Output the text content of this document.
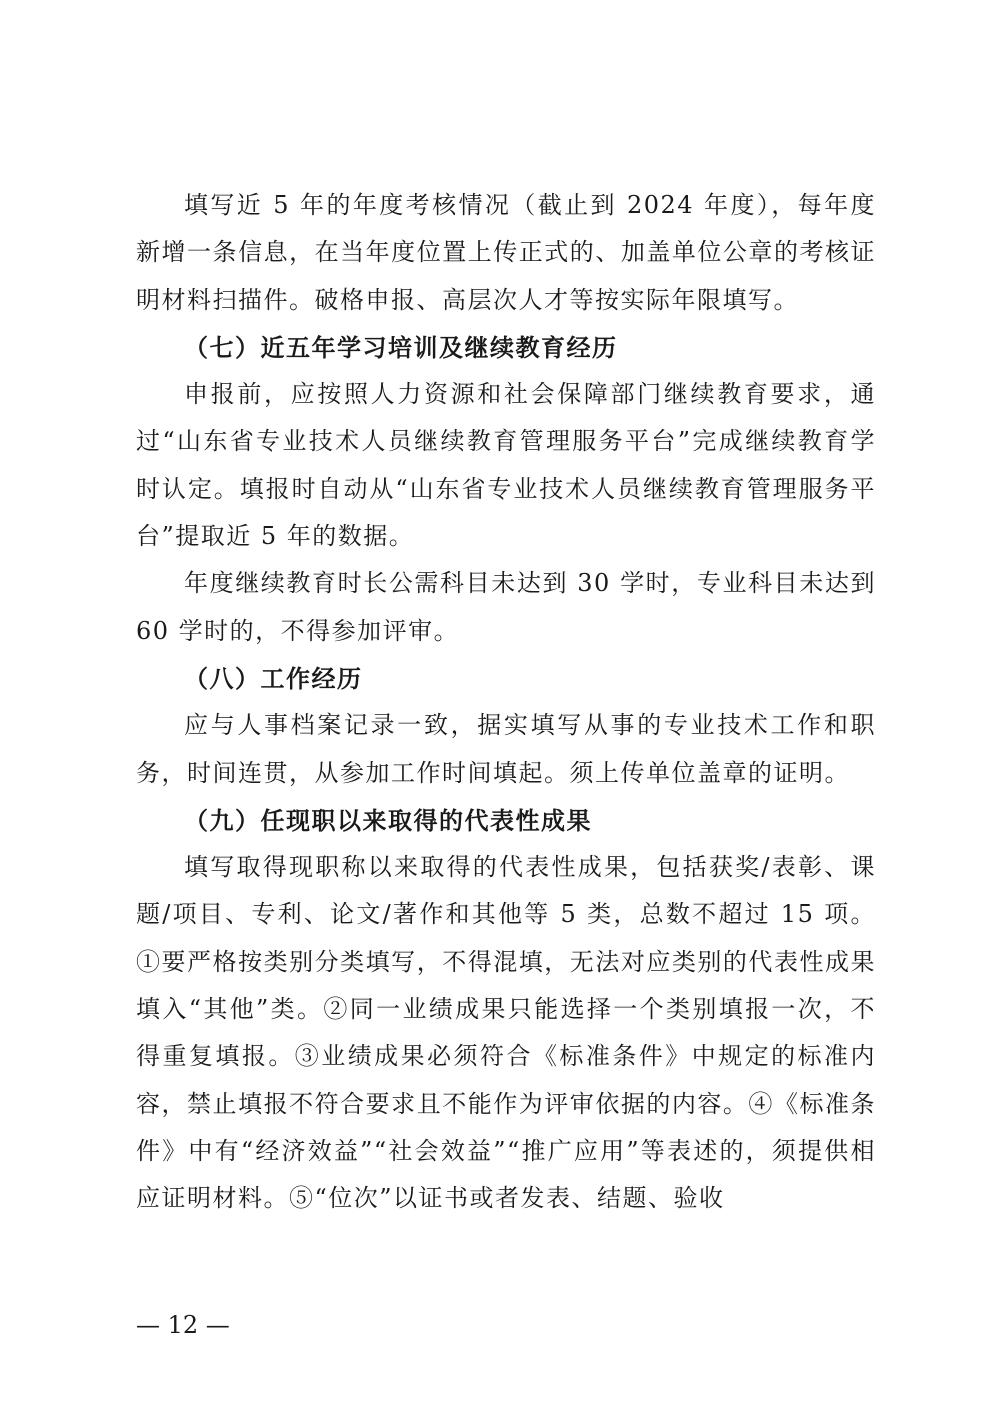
填写近 5 年的年度考核情况（截止到 2024 年度），每年度新增一条信息，在当年度位置上传正式的、加盖单位公章的考核证明材料扫描件。破格申报、高层次人才等按实际年限填写。

（七）近五年学习培训及继续教育经历

申报前，应按照人力资源和社会保障部门继续教育要求，通过“山东省专业技术人员继续教育管理服务平台”完成继续教育学时认定。填报时自动从“山东省专业技术人员继续教育管理服务平台”提取近 5 年的数据。

年度继续教育时长公需科目未达到 30 学时，专业科目未达到 60 学时的，不得参加评审。

（八）工作经历

应与人事档案记录一致，据实填写从事的专业技术工作和职务，时间连贯，从参加工作时间填起。须上传单位盖章的证明。

（九）任现职以来取得的代表性成果

填写取得现职称以来取得的代表性成果，包括获奖/表彰、课题/项目、专利、论文/著作和其他等 5 类，总数不超过 15 项。①要严格按类别分类填写，不得混填，无法对应类别的代表性成果填入“其他”类。②同一业绩成果只能选择一个类别填报一次，不得重复填报。③业绩成果必须符合《标准条件》中规定的标准内容，禁止填报不符合要求且不能作为评审依据的内容。④《标准条件》中有“经济效益”“社会效益”“推广应用”等表述的，须提供相应证明材料。⑤“位次”以证书或者发表、结题、验收

— 12 —
